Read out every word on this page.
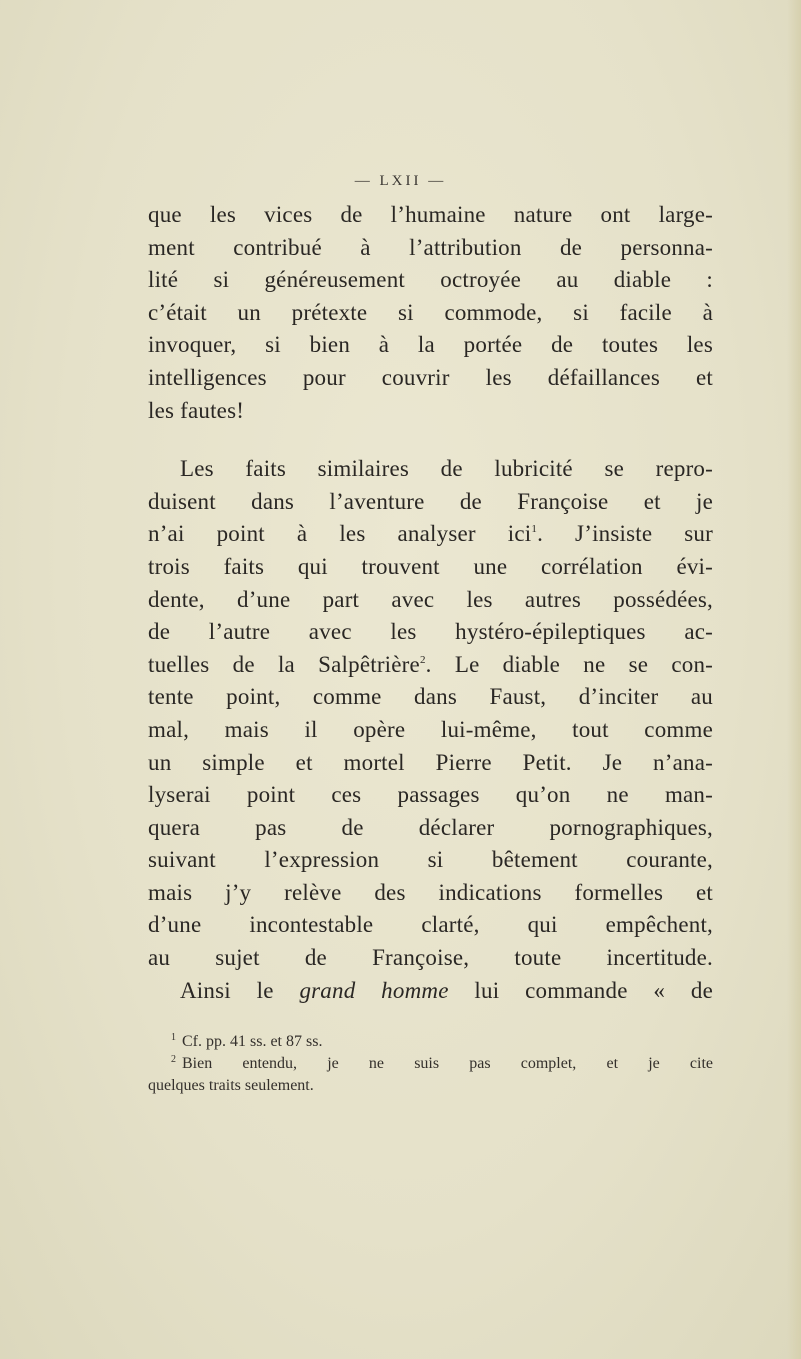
— LXII —
que les vices de l’humaine nature ont large-
ment contribué à l’attribution de personna-
lité si généreusement octroyée au diable :
c’était un prétexte si commode, si facile à
invoquer, si bien à la portée de toutes les
intelligences pour couvrir les défaillances et
les fautes!
Les faits similaires de lubricité se repro-
duisent dans l’aventure de Françoise et je
n’ai point à les analyser ici$^1$. J’insiste sur
trois faits qui trouvent une corrélation évi-
dente, d’une part avec les autres possédées,
de l’autre avec les hystéro-épileptiques ac-
tuelles de la Salpêtrière$^2$. Le diable ne se con-
tente point, comme dans Faust, d’inciter au
mal, mais il opère lui-même, tout comme
un simple et mortel Pierre Petit. Je n’ana-
lyserai point ces passages qu’on ne man-
quera pas de déclarer pornographiques,
suivant l’expression si bêtement courante,
mais j’y relève des indications formelles et
d’une incontestable clarté, qui empêchent,
au sujet de Françoise, toute incertitude.
Ainsi le grand homme lui commande « de
$^1$ Cf. pp. 41 ss. et 87 ss.
$^2$ Bien entendu, je ne suis pas complet, et je cite
quelques traits seulement.
